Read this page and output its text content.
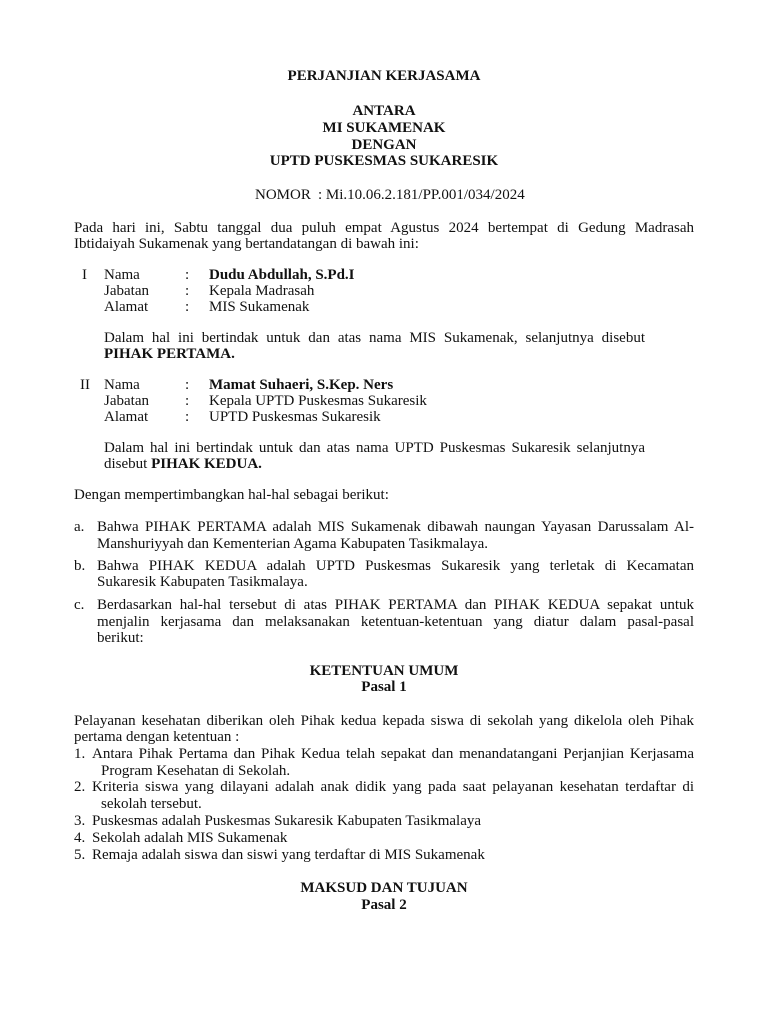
PERJANJIAN KERJASAMA
ANTARA
MI SUKAMENAK
DENGAN
UPTD PUSKESMAS SUKARESIK
NOMOR : Mi.10.06.2.181/PP.001/034/2024
Pada hari ini, Sabtu tanggal dua puluh empat Agustus 2024 bertempat di Gedung Madrasah
Ibtidaiyah Sukamenak yang bertandatangan di bawah ini:
I Nama	: Dudu Abdullah, S.Pd.I
Jabatan : Kepala Madrasah
Alamat : MIS Sukamenak
Dalam hal ini bertindak untuk dan atas nama MIS Sukamenak, selanjutnya disebut
PIHAK PERTAMA.
II Nama	: Mamat Suhaeri, S.Kep. Ners
Jabatan : Kepala UPTD Puskesmas Sukaresik
Alamat : UPTD Puskesmas Sukaresik
Dalam hal ini bertindak untuk dan atas nama UPTD Puskesmas Sukaresik selanjutnya
disebut PIHAK KEDUA.
Dengan mempertimbangkan hal-hal sebagai berikut:
a. Bahwa PIHAK PERTAMA adalah MIS Sukamenak dibawah naungan Yayasan Darussalam Al-
Manshuriyyah dan Kementerian Agama Kabupaten Tasikmalaya.
b. Bahwa PIHAK KEDUA adalah UPTD Puskesmas Sukaresik yang terletak di Kecamatan
Sukaresik Kabupaten Tasikmalaya.
c. Berdasarkan hal-hal tersebut di atas PIHAK PERTAMA dan PIHAK KEDUA sepakat untuk
menjalin kerjasama dan melaksanakan ketentuan-ketentuan yang diatur dalam pasal-pasal
berikut:
KETENTUAN UMUM
Pasal 1
Pelayanan kesehatan diberikan oleh Pihak kedua kepada siswa di sekolah yang dikelola oleh Pihak
pertama dengan ketentuan :
1. Antara Pihak Pertama dan Pihak Kedua telah sepakat dan menandatangani Perjanjian Kerjasama
Program Kesehatan di Sekolah.
2. Kriteria siswa yang dilayani adalah anak didik yang pada saat pelayanan kesehatan terdaftar di
sekolah tersebut.
3. Puskesmas adalah Puskesmas Sukaresik Kabupaten Tasikmalaya
4. Sekolah adalah MIS Sukamenak
5. Remaja adalah siswa dan siswi yang terdaftar di MIS Sukamenak
MAKSUD DAN TUJUAN
Pasal 2
